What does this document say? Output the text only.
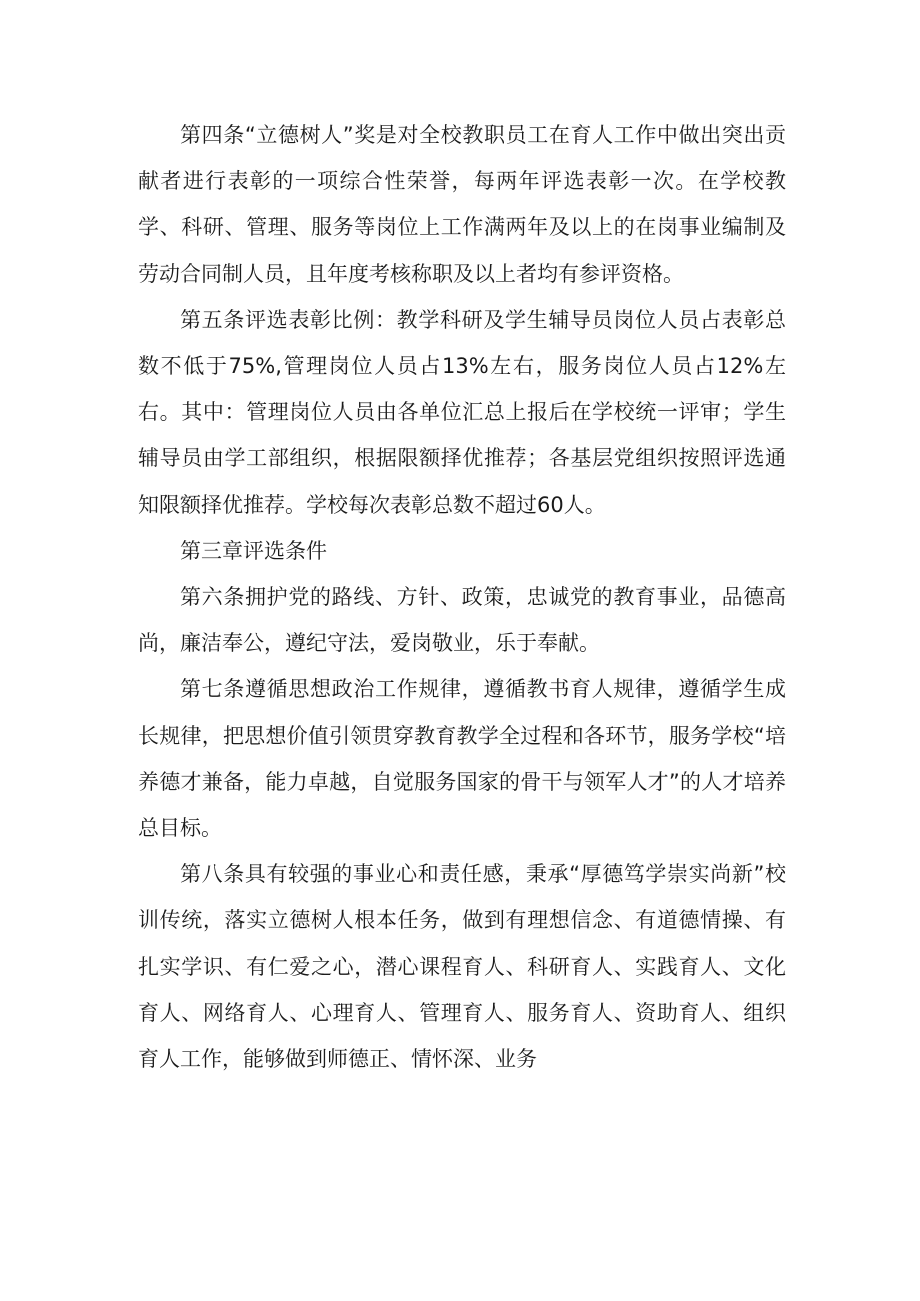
第四条“立德树人”奖是对全校教职员工在育人工作中做出突出贡献者进行表彰的一项综合性荣誉，每两年评选表彰一次。在学校教学、科研、管理、服务等岗位上工作满两年及以上的在岗事业编制及劳动合同制人员，且年度考核称职及以上者均有参评资格。

第五条评选表彰比例：教学科研及学生辅导员岗位人员占表彰总数不低于75%,管理岗位人员占13%左右，服务岗位人员占12%左右。其中：管理岗位人员由各单位汇总上报后在学校统一评审；学生辅导员由学工部组织，根据限额择优推荐；各基层党组织按照评选通知限额择优推荐。学校每次表彰总数不超过60人。

第三章评选条件

第六条拥护党的路线、方针、政策，忠诚党的教育事业，品德高尚，廉洁奉公，遵纪守法，爱岗敬业，乐于奉献。

第七条遵循思想政治工作规律，遵循教书育人规律，遵循学生成长规律，把思想价值引领贯穿教育教学全过程和各环节，服务学校“培养德才兼备，能力卓越，自觉服务国家的骨干与领军人才”的人才培养总目标。

第八条具有较强的事业心和责任感，秉承“厚德笃学崇实尚新”校训传统，落实立德树人根本任务，做到有理想信念、有道德情操、有扎实学识、有仁爱之心，潜心课程育人、科研育人、实践育人、文化育人、网络育人、心理育人、管理育人、服务育人、资助育人、组织育人工作，能够做到师德正、情怀深、业务
